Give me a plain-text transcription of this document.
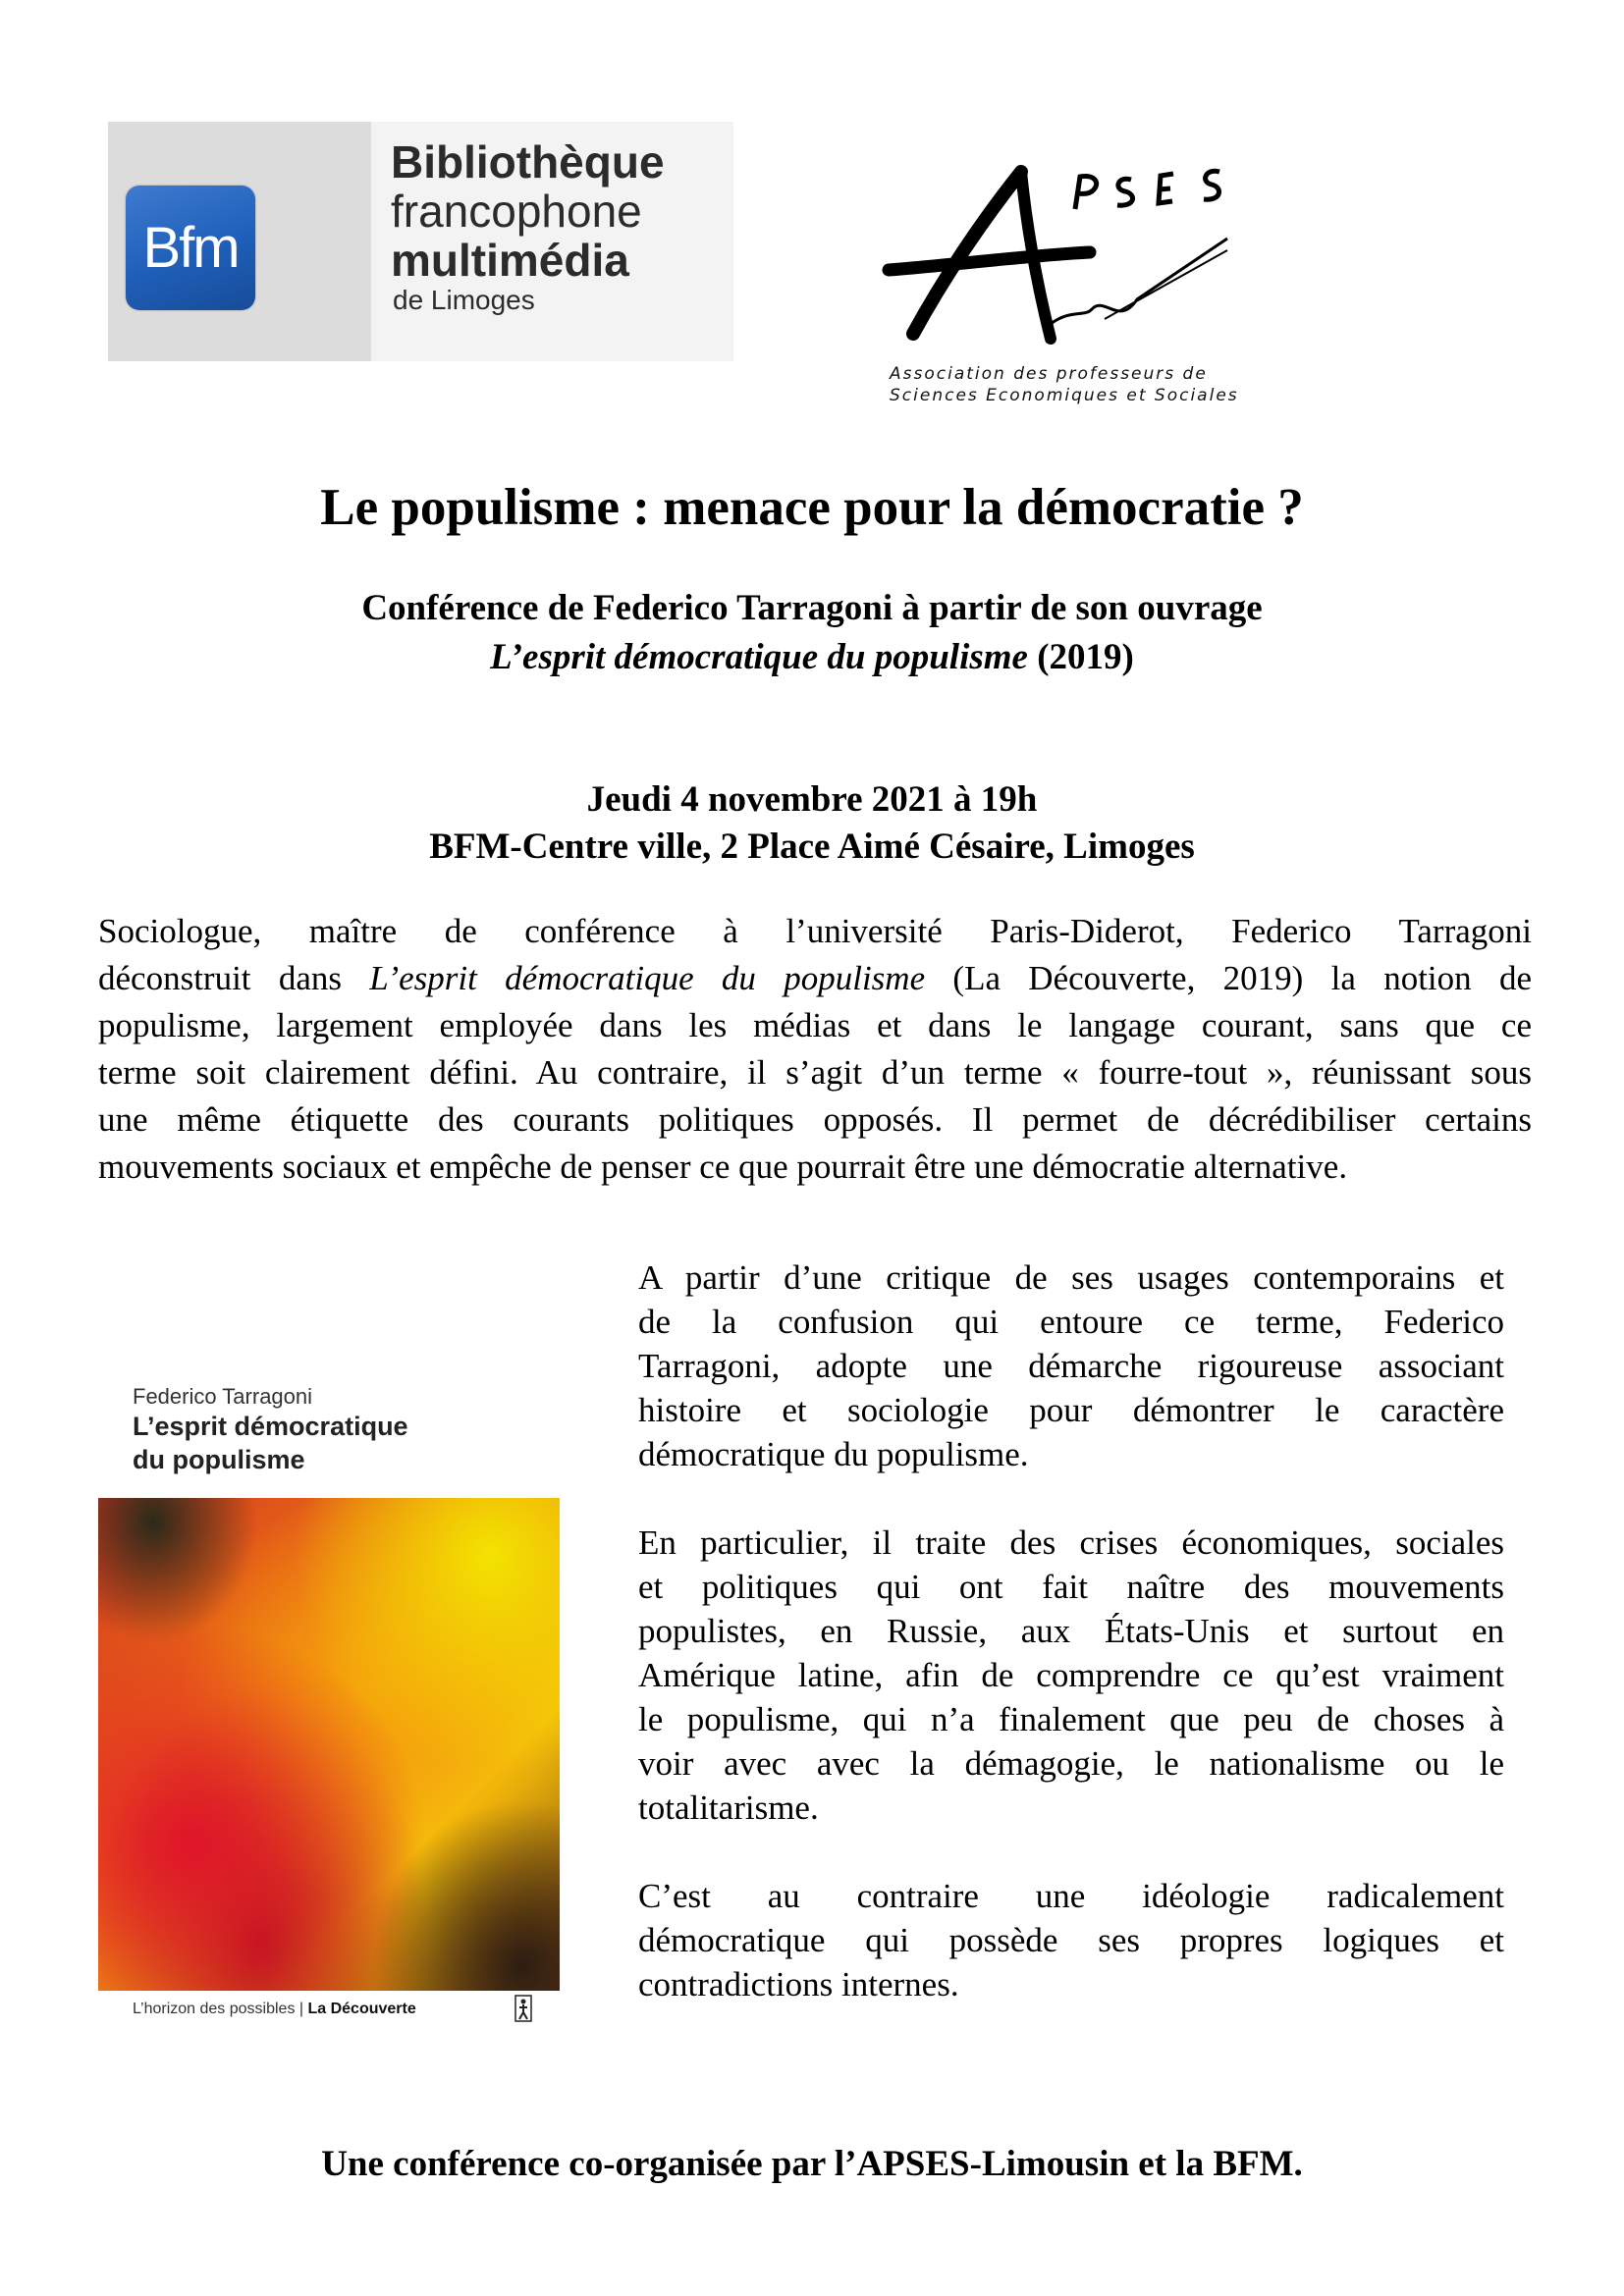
Bfm
Bibliothèque
francophone
multimédia
de Limoges
Association des professeurs de
Sciences Economiques et Sociales
Le populisme : menace pour la démocratie ?
Conférence de Federico Tarragoni à partir de son ouvrage
L’esprit démocratique du populisme (2019)
Jeudi 4 novembre 2021 à 19h
BFM-Centre ville, 2 Place Aimé Césaire, Limoges
Sociologue, maître de conférence à l’université Paris-Diderot, Federico Tarragoni
déconstruit dans L’esprit démocratique du populisme (La Découverte, 2019) la notion de
populisme, largement employée dans les médias et dans le langage courant, sans que ce
terme soit clairement défini. Au contraire, il s’agit d’un terme « fourre-tout », réunissant sous
une même étiquette des courants politiques opposés. Il permet de décrédibiliser certains
mouvements sociaux et empêche de penser ce que pourrait être une démocratie alternative.
Federico Tarragoni
L’esprit démocratique
du populisme
L’horizon des possibles | La Découverte
A partir d’une critique de ses usages contemporains et
de la confusion qui entoure ce terme, Federico
Tarragoni, adopte une démarche rigoureuse associant
histoire et sociologie pour démontrer le caractère
démocratique du populisme.
En particulier, il traite des crises économiques, sociales
et politiques qui ont fait naître des mouvements
populistes, en Russie, aux États-Unis et surtout en
Amérique latine, afin de comprendre ce qu’est vraiment
le populisme, qui n’a finalement que peu de choses à
voir avec avec la démagogie, le nationalisme ou le
totalitarisme.
C’est au contraire une idéologie radicalement
démocratique qui possède ses propres logiques et
contradictions internes.
Une conférence co-organisée par l’APSES-Limousin et la BFM.
